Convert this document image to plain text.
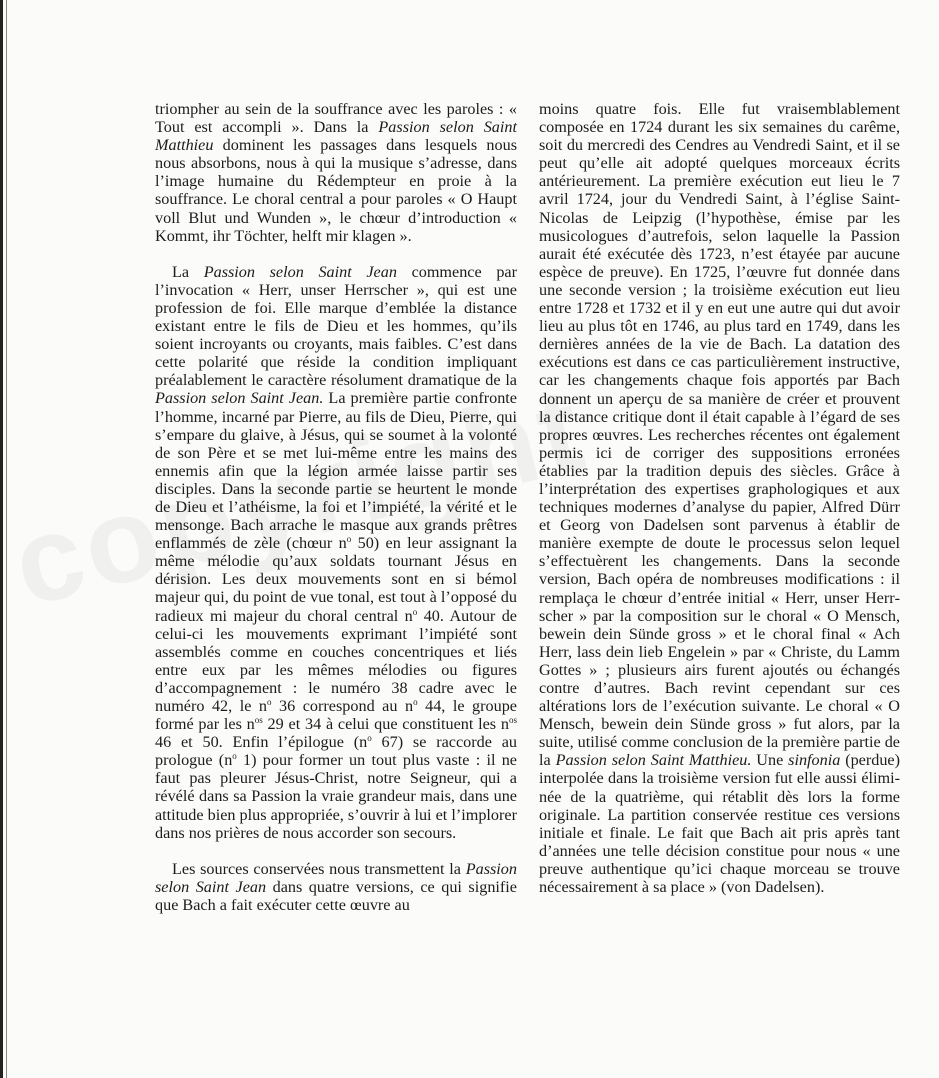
triompher au sein de la souffrance avec les paroles : « Tout est accompli ». Dans la Passion selon Saint Matthieu dominent les passages dans lesquels nous nous absorbons, nous à qui la musique s’adresse, dans l’image humaine du Rédempteur en proie à la souffrance. Le choral central a pour paroles « O Haupt voll Blut und Wunden », le chœur d’introduction « Kommt, ihr Töchter, helft mir klagen ».

La Passion selon Saint Jean commence par l’invocation « Herr, unser Herrscher », qui est une profession de foi. Elle marque d’emblée la distance existant entre le fils de Dieu et les hommes, qu’ils soient incroyants ou croyants, mais faibles. C’est dans cette polarité que réside la condition impliquant préalablement le caractère résolument dramatique de la Passion selon Saint Jean. La première partie confronte l’homme, incarné par Pierre, au fils de Dieu, Pierre, qui s’empare du glaive, à Jésus, qui se soumet à la volonté de son Père et se met lui-même entre les mains des ennemis afin que la légion armée laisse partir ses disciples. Dans la seconde partie se heurtent le monde de Dieu et l’athéisme, la foi et l’impiété, la vérité et le mensonge. Bach arrache le masque aux grands prêtres enflammés de zèle (chœur $n^o$ 50) en leur assignant la même mélodie qu’aux soldats tournant Jésus en dérision. Les deux mouvements sont en si bémol majeur qui, du point de vue tonal, est tout à l’opposé du radieux mi majeur du choral central $n^o$ 40. Autour de celui-ci les mouvements exprimant l’impiété sont assemblés comme en couches concentriques et liés entre eux par les mêmes mélodies ou figures d’accompagnement : le numéro 38 cadre avec le numéro 42, le $n^o$ 36 correspond au $n^o$ 44, le groupe formé par les $n^{os}$ 29 et 34 à celui que constituent les $n^{os}$ 46 et 50. Enfin l’épilogue ($n^o$ 67) se raccorde au prologue ($n^o$ 1) pour former un tout plus vaste : il ne faut pas pleurer Jésus-Christ, notre Seigneur, qui a révélé dans sa Passion la vraie grandeur mais, dans une attitude bien plus appropriée, s’ouvrir à lui et l’implorer dans nos prières de nous accorder son secours.

Les sources conservées nous transmettent la Passion selon Saint Jean dans quatre versions, ce qui signifie que Bach a fait exécuter cette œuvre au

moins quatre fois. Elle fut vraisemblablement composée en 1724 durant les six semaines du carême, soit du mercredi des Cendres au Vendredi Saint, et il se peut qu’elle ait adopté quelques morceaux écrits antérieurement. La première exécution eut lieu le 7 avril 1724, jour du Vendredi Saint, à l’église Saint-Nicolas de Leipzig (l’hypothèse, émise par les musicologues d’autrefois, selon laquelle la Passion aurait été exécutée dès 1723, n’est étayée par aucune espèce de preuve). En 1725, l’œuvre fut donnée dans une seconde version ; la troisième exécution eut lieu entre 1728 et 1732 et il y en eut une autre qui dut avoir lieu au plus tôt en 1746, au plus tard en 1749, dans les dernières années de la vie de Bach. La datation des exécutions est dans ce cas particulièrement instructive, car les changements chaque fois apportés par Bach donnent un aperçu de sa manière de créer et prouvent la distance critique dont il était capable à l’égard de ses propres œuvres. Les recherches récentes ont également permis ici de corriger des suppositions erronées établies par la tradition depuis des siècles. Grâce à l’interprétation des expertises graphologiques et aux techniques modernes d’analyse du papier, Alfred Dürr et Georg von Dadelsen sont parvenus à établir de manière exempte de doute le processus selon lequel s’effectuèrent les changements. Dans la seconde version, Bach opéra de nombreuses modifications : il remplaça le chœur d’entrée initial « Herr, unser Herrscher » par la composition sur le choral « O Mensch, bewein dein Sünde gross » et le choral final « Ach Herr, lass dein lieb Engelein » par « Christe, du Lamm Gottes » ; plusieurs airs furent ajoutés ou échangés contre d’autres. Bach revint cependant sur ces altérations lors de l’exécution suivante. Le choral « O Mensch, bewein dein Sünde gross » fut alors, par la suite, utilisé comme conclusion de la première partie de la Passion selon Saint Matthieu. Une sinfonia (perdue) interpolée dans la troisième version fut elle aussi éliminée de la quatrième, qui rétablit dès lors la forme originale. La partition conservée restitue ces versions initiale et finale. Le fait que Bach ait pris après tant d’années une telle décision constitue pour nous « une preuve authentique qu’ici chaque morceau se trouve nécessairement à sa place » (von Dadelsen).
